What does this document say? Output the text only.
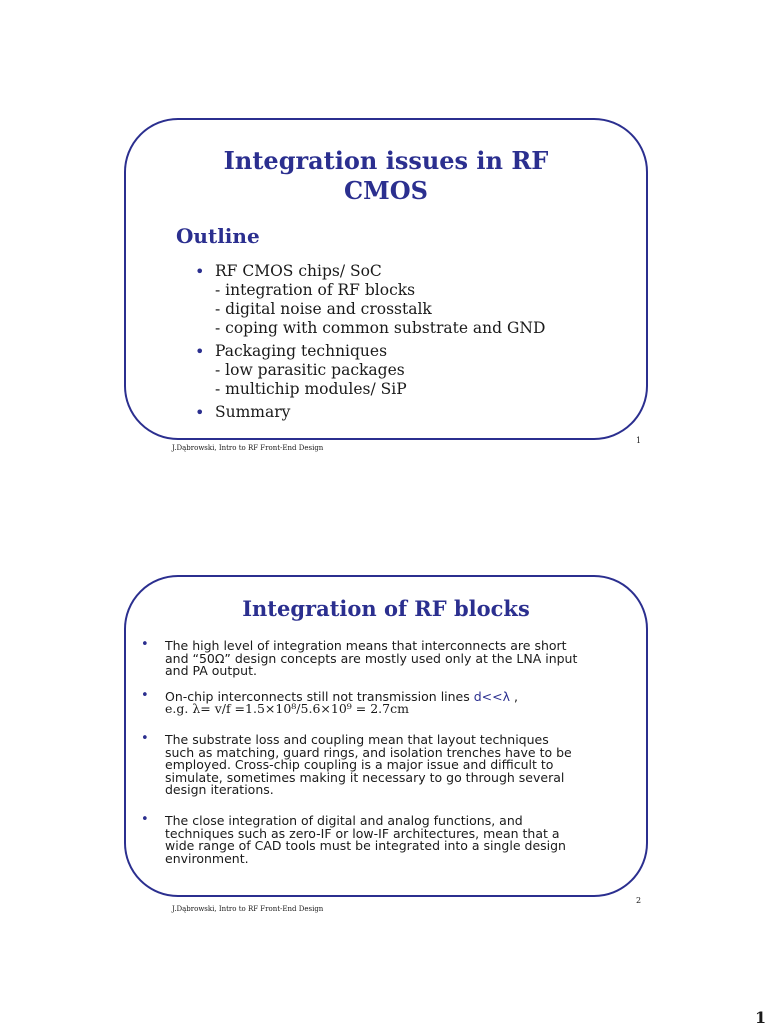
Integration issues in RF
CMOS
Outline
• RF CMOS chips/ SoC
- integration of RF blocks
- digital noise and crosstalk
- coping with common substrate and GND
• Packaging techniques
- low parasitic packages
- multichip modules/ SiP
• Summary
J.Dąbrowski, Intro to RF Front-End Design
1
Integration of RF blocks
• The high level of integration means that interconnects are short
and “50Ω” design concepts are mostly used only at the LNA input
and PA output.
• On-chip interconnects still not transmission lines d<<λ ,
e.g. λ= v/f =1.5×10⁸/5.6×10⁹ = 2.7cm
• The substrate loss and coupling mean that layout techniques
such as matching, guard rings, and isolation trenches have to be
employed. Cross-chip coupling is a major issue and difficult to
simulate, sometimes making it necessary to go through several
design iterations.
• The close integration of digital and analog functions, and
techniques such as zero-IF or low-IF architectures, mean that a
wide range of CAD tools must be integrated into a single design
environment.
J.Dąbrowski, Intro to RF Front-End Design
2
1
